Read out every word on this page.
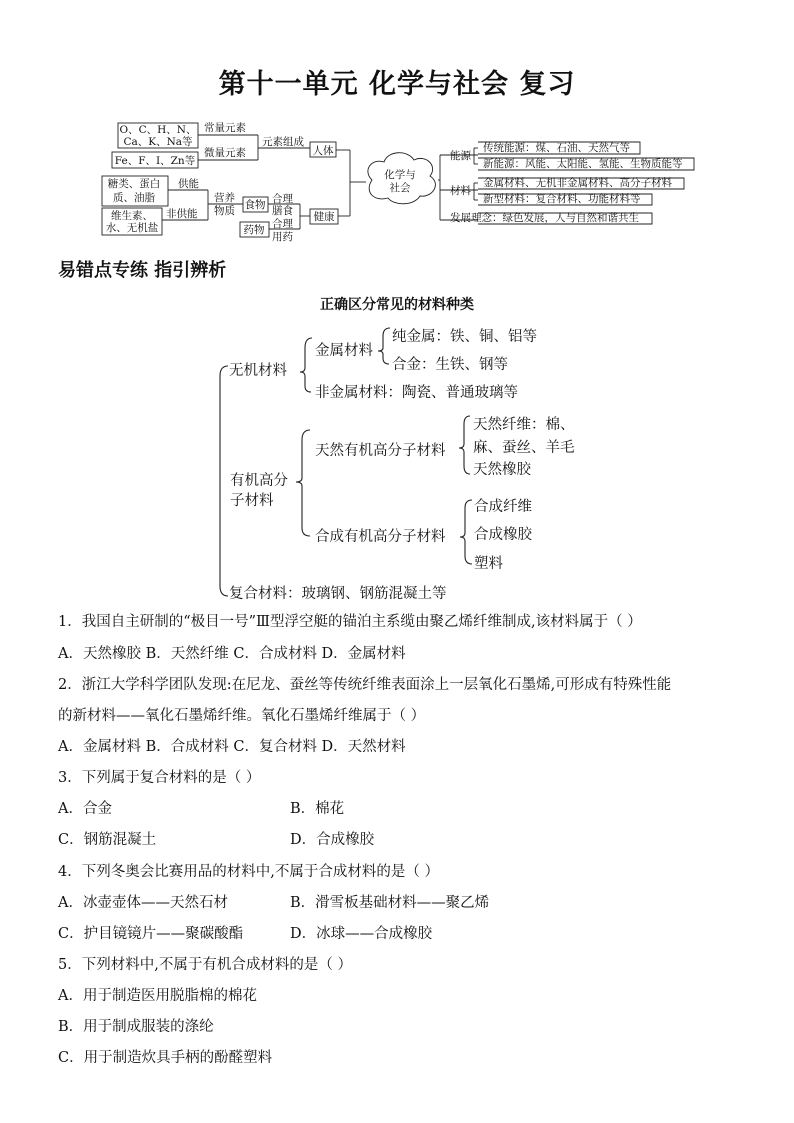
第十一单元 化学与社会 复习
O、C、H、N、
Ca、K、Na等
常量元素
Fe、F、I、Zn等
微量元素
元素组成
人体
糖类、蛋白
质、油脂
供能
维生素、
水、无机盐
非供能
营养
物质 食物 合理
膳食
药物 合理
用药
健康
化学与
社会
能源
材料
传统能源：煤、石油、天然气等
新能源：风能、太阳能、氢能、生物质能等
金属材料、无机非金属材料、高分子材料
新型材料：复合材料、功能材料等
发展理念：绿色发展，人与自然和谐共生
易错点专练 指引辨析
正确区分常见的材料种类
无机材料
金属材料
纯金属：铁、铜、铝等
合金：生铁、钢等
非金属材料：陶瓷、普通玻璃等
有机高分
子材料
天然有机高分子材料
天然纤维：棉、
麻、蚕丝、羊毛
天然橡胶
合成有机高分子材料
合成纤维
合成橡胶
塑料
复合材料：玻璃钢、钢筋混凝土等
1．我国自主研制的“极目一号”Ⅲ型浮空艇的锚泊主系缆由聚乙烯纤维制成,该材料属于（ ）
A．天然橡胶 B．天然纤维 C．合成材料 D．金属材料
2．浙江大学科学团队发现:在尼龙、蚕丝等传统纤维表面涂上一层氧化石墨烯,可形成有特殊性能
的新材料——氧化石墨烯纤维。氧化石墨烯纤维属于（ ）
A．金属材料 B．合成材料 C．复合材料 D．天然材料
3．下列属于复合材料的是（ ）
A．合金	B．棉花
C．钢筋混凝土	D．合成橡胶
4．下列冬奥会比赛用品的材料中,不属于合成材料的是（ ）
A．冰壶壶体——天然石材	B．滑雪板基础材料——聚乙烯
C．护目镜镜片——聚碳酸酯	D．冰球——合成橡胶
5．下列材料中,不属于有机合成材料的是（ ）
A．用于制造医用脱脂棉的棉花
B．用于制成服装的涤纶
C．用于制造炊具手柄的酚醛塑料
